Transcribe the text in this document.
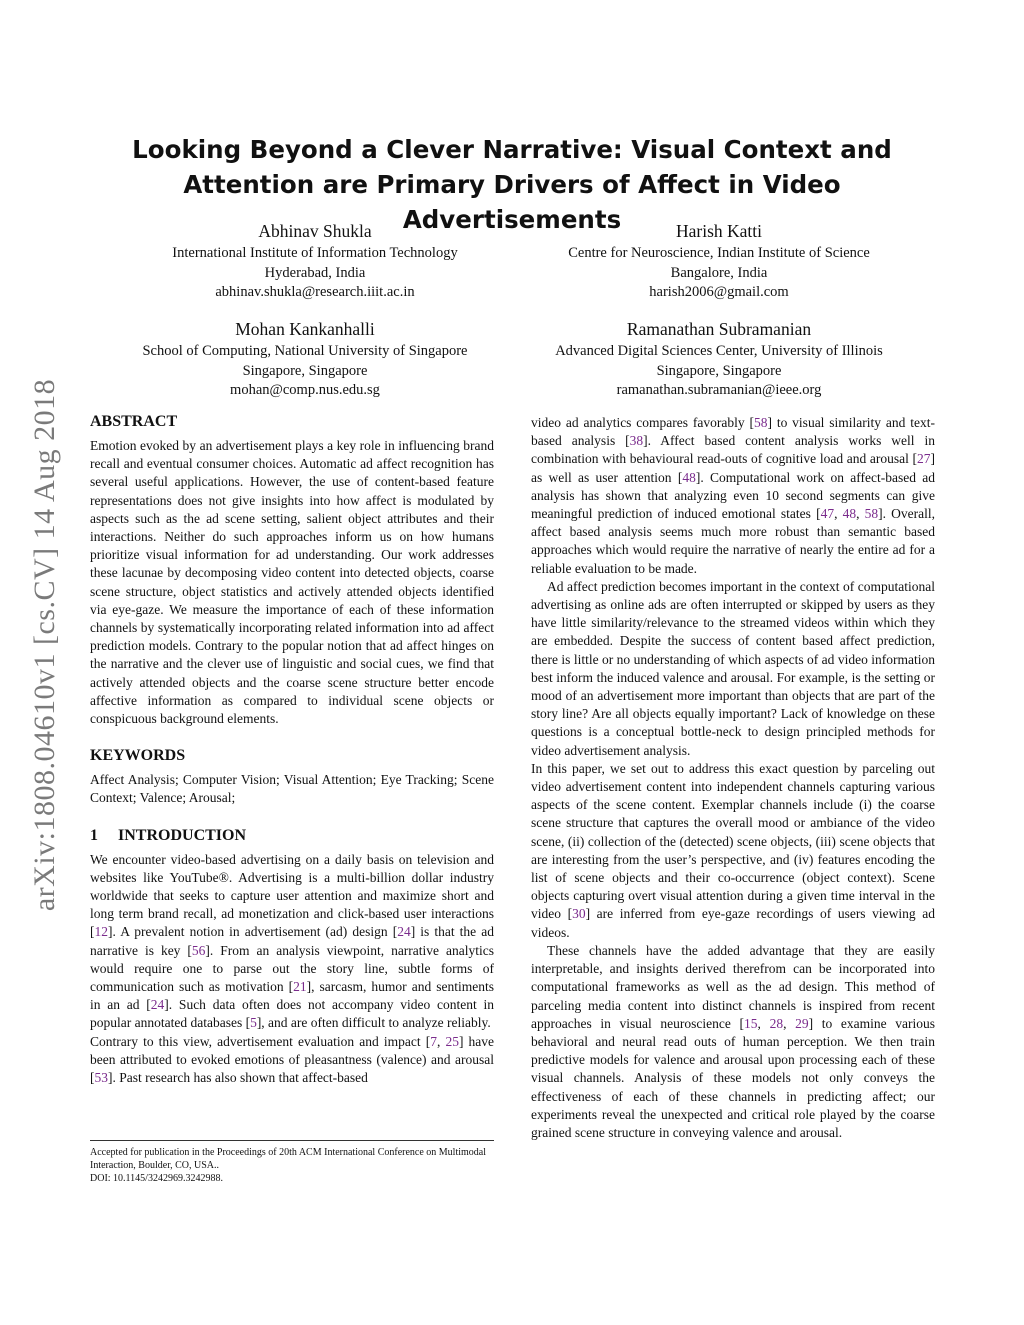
arXiv:1808.04610v1 [cs.CV] 14 Aug 2018
Looking Beyond a Clever Narrative: Visual Context and
Attention are Primary Drivers of Affect in Video Advertisements
Abhinav Shukla
International Institute of Information Technology
Hyderabad, India
abhinav.shukla@research.iiit.ac.in
Harish Katti
Centre for Neuroscience, Indian Institute of Science
Bangalore, India
harish2006@gmail.com
Mohan Kankanhalli
School of Computing, National University of Singapore
Singapore, Singapore
mohan@comp.nus.edu.sg
Ramanathan Subramanian
Advanced Digital Sciences Center, University of Illinois
Singapore, Singapore
ramanathan.subramanian@ieee.org
ABSTRACT

Emotion evoked by an advertisement plays a key role in influencing brand recall and eventual consumer choices. Automatic ad affect recognition has several useful applications. However, the use of content-based feature representations does not give insights into how affect is modulated by aspects such as the ad scene setting, salient object attributes and their interactions. Neither do such approaches inform us on how humans prioritize visual information for ad understanding. Our work addresses these lacunae by decomposing video content into detected objects, coarse scene structure, object statistics and actively attended objects identified via eye-gaze. We measure the importance of each of these information channels by systematically incorporating related information into ad affect prediction models. Contrary to the popular notion that ad affect hinges on the narrative and the clever use of linguistic and social cues, we find that actively attended objects and the coarse scene structure better encode affective information as compared to individual scene objects or conspicuous background elements.

KEYWORDS

Affect Analysis; Computer Vision; Visual Attention; Eye Tracking; Scene Context; Valence; Arousal;

1 INTRODUCTION

We encounter video-based advertising on a daily basis on television and websites like YouTube®. Advertising is a multi-billion dollar industry worldwide that seeks to capture user attention and maximize short and long term brand recall, ad monetization and click-based user interactions [12]. A prevalent notion in advertisement (ad) design [24] is that the ad narrative is key [56]. From an analysis viewpoint, narrative analytics would require one to parse out the story line, subtle forms of communication such as motivation [21], sarcasm, humor and sentiments in an ad [24]. Such data often does not accompany video content in popular annotated databases [5], and are often difficult to analyze reliably.

Contrary to this view, advertisement evaluation and impact [7, 25] have been attributed to evoked emotions of pleasantness (valence) and arousal [53]. Past research has also shown that affect-based

video ad analytics compares favorably [58] to visual similarity and text-based analysis [38]. Affect based content analysis works well in combination with behavioural read-outs of cognitive load and arousal [27] as well as user attention [48]. Computational work on affect-based ad analysis has shown that analyzing even 10 second segments can give meaningful prediction of induced emotional states [47, 48, 58]. Overall, affect based analysis seems much more robust than semantic based approaches which would require the narrative of nearly the entire ad for a reliable evaluation to be made.

Ad affect prediction becomes important in the context of computational advertising as online ads are often interrupted or skipped by users as they have little similarity/relevance to the streamed videos within which they are embedded. Despite the success of content based affect prediction, there is little or no understanding of which aspects of ad video information best inform the induced valence and arousal. For example, is the setting or mood of an advertisement more important than objects that are part of the story line? Are all objects equally important? Lack of knowledge on these questions is a conceptual bottle-neck to design principled methods for video advertisement analysis.

In this paper, we set out to address this exact question by parceling out video advertisement content into independent channels capturing various aspects of the scene content. Exemplar channels include (i) the coarse scene structure that captures the overall mood or ambiance of the video scene, (ii) collection of the (detected) scene objects, (iii) scene objects that are interesting from the user’s perspective, and (iv) features encoding the list of scene objects and their co-occurrence (object context). Scene objects capturing overt visual attention during a given time interval in the video [30] are inferred from eye-gaze recordings of users viewing ad videos.

These channels have the added advantage that they are easily interpretable, and insights derived therefrom can be incorporated into computational frameworks as well as the ad design. This method of parceling media content into distinct channels is inspired from recent approaches in visual neuroscience [15, 28, 29] to examine various behavioral and neural read outs of human perception. We then train predictive models for valence and arousal upon processing each of these visual channels. Analysis of these models not only conveys the effectiveness of each of these channels in predicting affect; our experiments reveal the unexpected and critical role played by the coarse grained scene structure in conveying valence and arousal.

Accepted for publication in the Proceedings of 20th ACM International Conference on Multimodal Interaction, Boulder, CO, USA..
DOI: 10.1145/3242969.3242988.
